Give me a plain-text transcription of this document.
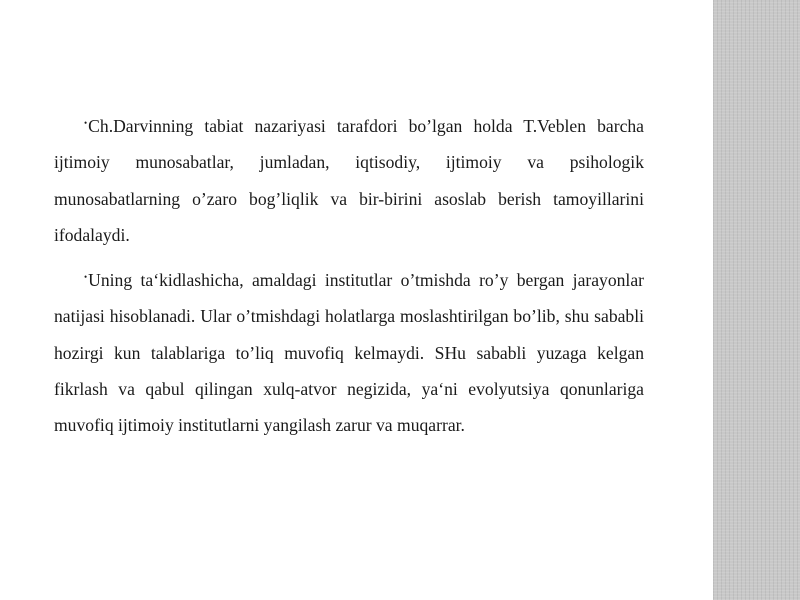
•Ch.Darvinning tabiat nazariyasi tarafdori bo’lgan holda T.Veblen barcha ijtimoiy munosabatlar, jumladan, iqtisodiy, ijtimoiy va psihologik munosabatlarning o’zaro bog’liqlik va bir-birini asoslab berish tamoyillarini ifodalaydi.

•Uning ta‘kidlashicha, amaldagi institutlar o’tmishda ro’y bergan jarayonlar natijasi hisoblanadi. Ular o’tmishdagi holatlarga moslashtirilgan bo’lib, shu sababli hozirgi kun talablariga to’liq muvofiq kelmaydi. SHu sababli yuzaga kelgan fikrlash va qabul qilingan xulq-atvor negizida, ya‘ni evolyutsiya qonunlariga muvofiq ijtimoiy institutlarni yangilash zarur va muqarrar.
